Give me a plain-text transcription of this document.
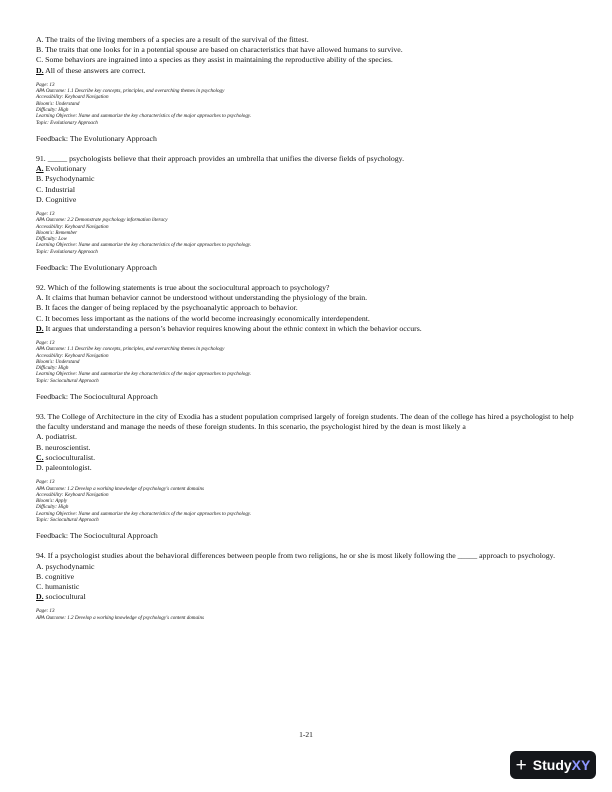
A. The traits of the living members of a species are a result of the survival of the fittest.
B. The traits that one looks for in a potential spouse are based on characteristics that have allowed humans to survive.
C. Some behaviors are ingrained into a species as they assist in maintaining the reproductive ability of the species.
D. All of these answers are correct.
Page: 13
APA Outcome: 1.1 Describe key concepts, principles, and overarching themes in psychology
Accessibility: Keyboard Navigation
Bloom's: Understand
Difficulty: High
Learning Objective: Name and summarize the key characteristics of the major approaches to psychology.
Topic: Evolutionary Approach
Feedback: The Evolutionary Approach
91. _____ psychologists believe that their approach provides an umbrella that unifies the diverse fields of psychology.
A. Evolutionary
B. Psychodynamic
C. Industrial
D. Cognitive
Page: 13
APA Outcome: 2.2 Demonstrate psychology information literacy
Accessibility: Keyboard Navigation
Bloom's: Remember
Difficulty: Low
Learning Objective: Name and summarize the key characteristics of the major approaches to psychology.
Topic: Evolutionary Approach
Feedback: The Evolutionary Approach
92. Which of the following statements is true about the sociocultural approach to psychology?
A. It claims that human behavior cannot be understood without understanding the physiology of the brain.
B. It faces the danger of being replaced by the psychoanalytic approach to behavior.
C. It becomes less important as the nations of the world become increasingly economically interdependent.
D. It argues that understanding a person’s behavior requires knowing about the ethnic context in which the behavior occurs.
Page: 13
APA Outcome: 1.1 Describe key concepts, principles, and overarching themes in psychology
Accessibility: Keyboard Navigation
Bloom's: Understand
Difficulty: High
Learning Objective: Name and summarize the key characteristics of the major approaches to psychology.
Topic: Sociocultural Approach
Feedback: The Sociocultural Approach
93. The College of Architecture in the city of Exodia has a student population comprised largely of foreign students. The dean of the college has hired a psychologist to help the faculty understand and manage the needs of these foreign students. In this scenario, the psychologist hired by the dean is most likely a
A. podiatrist.
B. neuroscientist.
C. socioculturalist.
D. paleontologist.
Page: 13
APA Outcome: 1.2 Develop a working knowledge of psychology's content domains
Accessibility: Keyboard Navigation
Bloom's: Apply
Difficulty: High
Learning Objective: Name and summarize the key characteristics of the major approaches to psychology.
Topic: Sociocultural Approach
Feedback: The Sociocultural Approach
94. If a psychologist studies about the behavioral differences between people from two religions, he or she is most likely following the _____ approach to psychology.
A. psychodynamic
B. cognitive
C. humanistic
D. sociocultural
Page: 13
APA Outcome: 1.2 Develop a working knowledge of psychology's content domains
1-21
+ StudyXY
